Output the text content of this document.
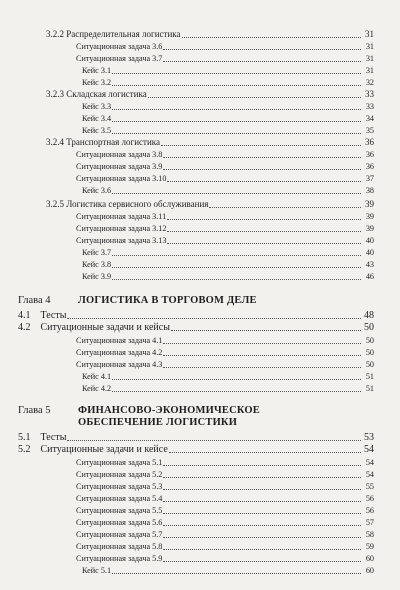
3.2.2 Распределительная логистика	31
Ситуационная задача 3.6	31
Ситуационная задача 3.7	31
Кейс 3.1	31
Кейс 3.2	32
3.2.3 Складская логистика	33
Кейс 3.3	33
Кейс 3.4	34
Кейс 3.5	35
3.2.4 Транспортная логистика	36
Ситуационная задача 3.8	36
Ситуационная задача 3.9	36
Ситуационная задача 3.10	37
Кейс 3.6	38
3.2.5 Логистика сервисного обслуживания	39
Ситуационная задача 3.11	39
Ситуационная задача 3.12	39
Ситуационная задача 3.13	40
Кейс 3.7	40
Кейс 3.8	43
Кейс 3.9	46
Глава 4	ЛОГИСТИКА В ТОРГОВОМ ДЕЛЕ
4.1    Тесты	48
4.2    Ситуационные задачи и кейсы	50
Ситуационная задача 4.1	50
Ситуационная задача 4.2	50
Ситуационная задача 4.3	50
Кейс 4.1	51
Кейс 4.2	51
Глава 5	ФИНАНСОВО-ЭКОНОМИЧЕСКОЕ
ОБЕСПЕЧЕНИЕ ЛОГИСТИКИ
5.1    Тесты	53
5.2    Ситуационные задачи и кейсе	54
Ситуационная задача 5.1	54
Ситуационная задача 5.2	54
Ситуационная задача 5.3	55
Ситуационная задача 5.4	56
Ситуационная задача 5.5	56
Ситуационная задача 5.6	57
Ситуационная задача 5.7	58
Ситуационная задача 5.8	59
Ситуационная задача 5.9	60
Кейс 5.1	60
